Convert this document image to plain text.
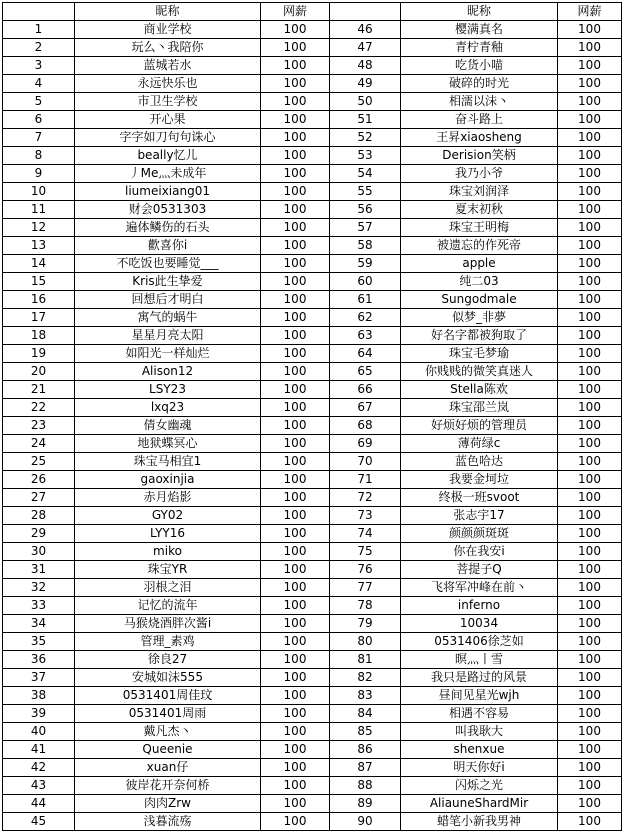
	昵称	网薪		昵称	网薪
1	商业学校	100	46	樱满真名	100
2	玩么丶我陪你	100	47	青柠青釉	100
3	蓝城若水	100	48	吃货小喵	100
4	永远快乐也	100	49	破碎的时光	100
5	市卫生学校	100	50	相濡以沫丶	100
6	开心果	100	51	奋斗路上	100
7	字字如刀句句诛心	100	52	王昇xiaosheng	100
8	beally忆儿	100	53	Derision笑柄	100
9	丿Me灬未成年	100	54	我乃小爷	100
10	liumeixiang01	100	55	珠宝刘润泽	100
11	财会0531303	100	56	夏末初秋	100
12	遍体鳞伤的石头	100	57	珠宝王明梅	100
13	歡喜你i	100	58	被遗忘的作死帝	100
14	不吃饭也要睡觉___	100	59	apple	100
15	Kris此生挚爱	100	60	纯二03	100
16	回想后才明白	100	61	Sungodmale	100
17	寓气的蜗牛	100	62	似梦_非夢	100
18	星星月亮太阳	100	63	好名字都被狗取了	100
19	如阳光一样灿烂	100	64	珠宝毛梦瑜	100
20	Alison12	100	65	你贱贱的微笑真迷人	100
21	LSY23	100	66	Stella陈欢	100
22	lxq23	100	67	珠宝邵兰岚	100
23	倩女幽魂	100	68	好烦好烦的管理员	100
24	地狱蝶冥心	100	69	薄荷绿c	100
25	珠宝马相宜1	100	70	蓝色哈达	100
26	gaoxinjia	100	71	我要金坷垃	100
27	赤月焰影	100	72	终极一班svoot	100
28	GY02	100	73	张志宇17	100
29	LYY16	100	74	颜颜颜斑斑	100
30	miko	100	75	你在我安i	100
31	珠宝YR	100	76	菩提子Q	100
32	羽根之泪	100	77	飞将军冲峰在前丶	100
33	记忆的流年	100	78	inferno	100
34	马猴烧酒胖次酱i	100	79	10034	100
35	管理_素鸡	100	80	0531406徐芝如	100
36	徐良27	100	81	暝灬丨雪	100
37	安城如沫555	100	82	我只是路过的风景	100
38	0531401周佳玟	100	83	昼间见星光wjh	100
39	0531401周雨	100	84	相遇不容易	100
40	戴凡杰丶	100	85	叫我耿大	100
41	Queenie	100	86	shenxue	100
42	xuan仔	100	87	明天你好i	100
43	彼岸花开奈何桥	100	88	闪烁之光	100
44	肉肉Zrw	100	89	AliauneShardMir	100
45	浅暮流殇	100	90	蜡笔小新我男神	100
